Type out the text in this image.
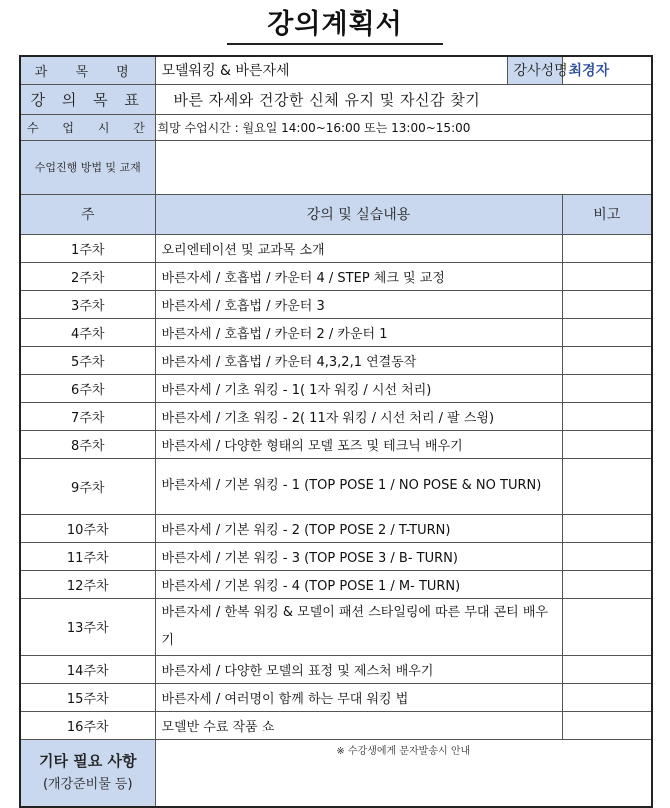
강의계획서
과 목 명	모델워킹 & 바른자세	강사성명	최경자
강 의 목 표	바른 자세와 건강한 신체 유지 및 자신감 찾기		
수 업 시 간	희망 수업시간 : 월요일 14:00~16:00 또는 13:00~15:00		
수업진행 방법 및 교재			
주	강의 및 실습내용		비고
1주차	오리엔테이션 및 교과목 소개		
2주차	바른자세 / 호흡법 / 카운터 4 / STEP 체크 및 교정		
3주차	바른자세 / 호흡법 / 카운터 3		
4주차	바른자세 / 호흡법 / 카운터 2 / 카운터 1		
5주차	바른자세 / 호흡법 / 카운터 4,3,2,1 연결동작		
6주차	바른자세 / 기초 워킹 - 1( 1자 워킹 / 시선 처리)		
7주차	바른자세 / 기초 워킹 - 2( 11자 워킹 / 시선 처리 / 팔 스윙)		
8주차	바른자세 / 다양한 형태의 모델 포즈 및 테크닉 배우기		
9주차	바른자세 / 기본 워킹 - 1 (TOP POSE 1 / NO POSE & NO TURN)		
10주차	바른자세 / 기본 워킹 - 2 (TOP POSE 2 / T-TURN)		
11주차	바른자세 / 기본 워킹 - 3 (TOP POSE 3 / B- TURN)		
12주차	바른자세 / 기본 워킹 - 4 (TOP POSE 1 / M- TURN)		
13주차	바른자세 / 한복 워킹 & 모델이 패션 스타일링에 따른 무대 콘티 배우기		
14주차	바른자세 / 다양한 모델의 표정 및 제스처 배우기		
15주차	바른자세 / 여러명이 함께 하는 무대 워킹 법		
16주차	모델반 수료 작품 쇼		

기타 필요 사항
(개강준비물 등)	※ 수강생에게 문자발송시 안내		
